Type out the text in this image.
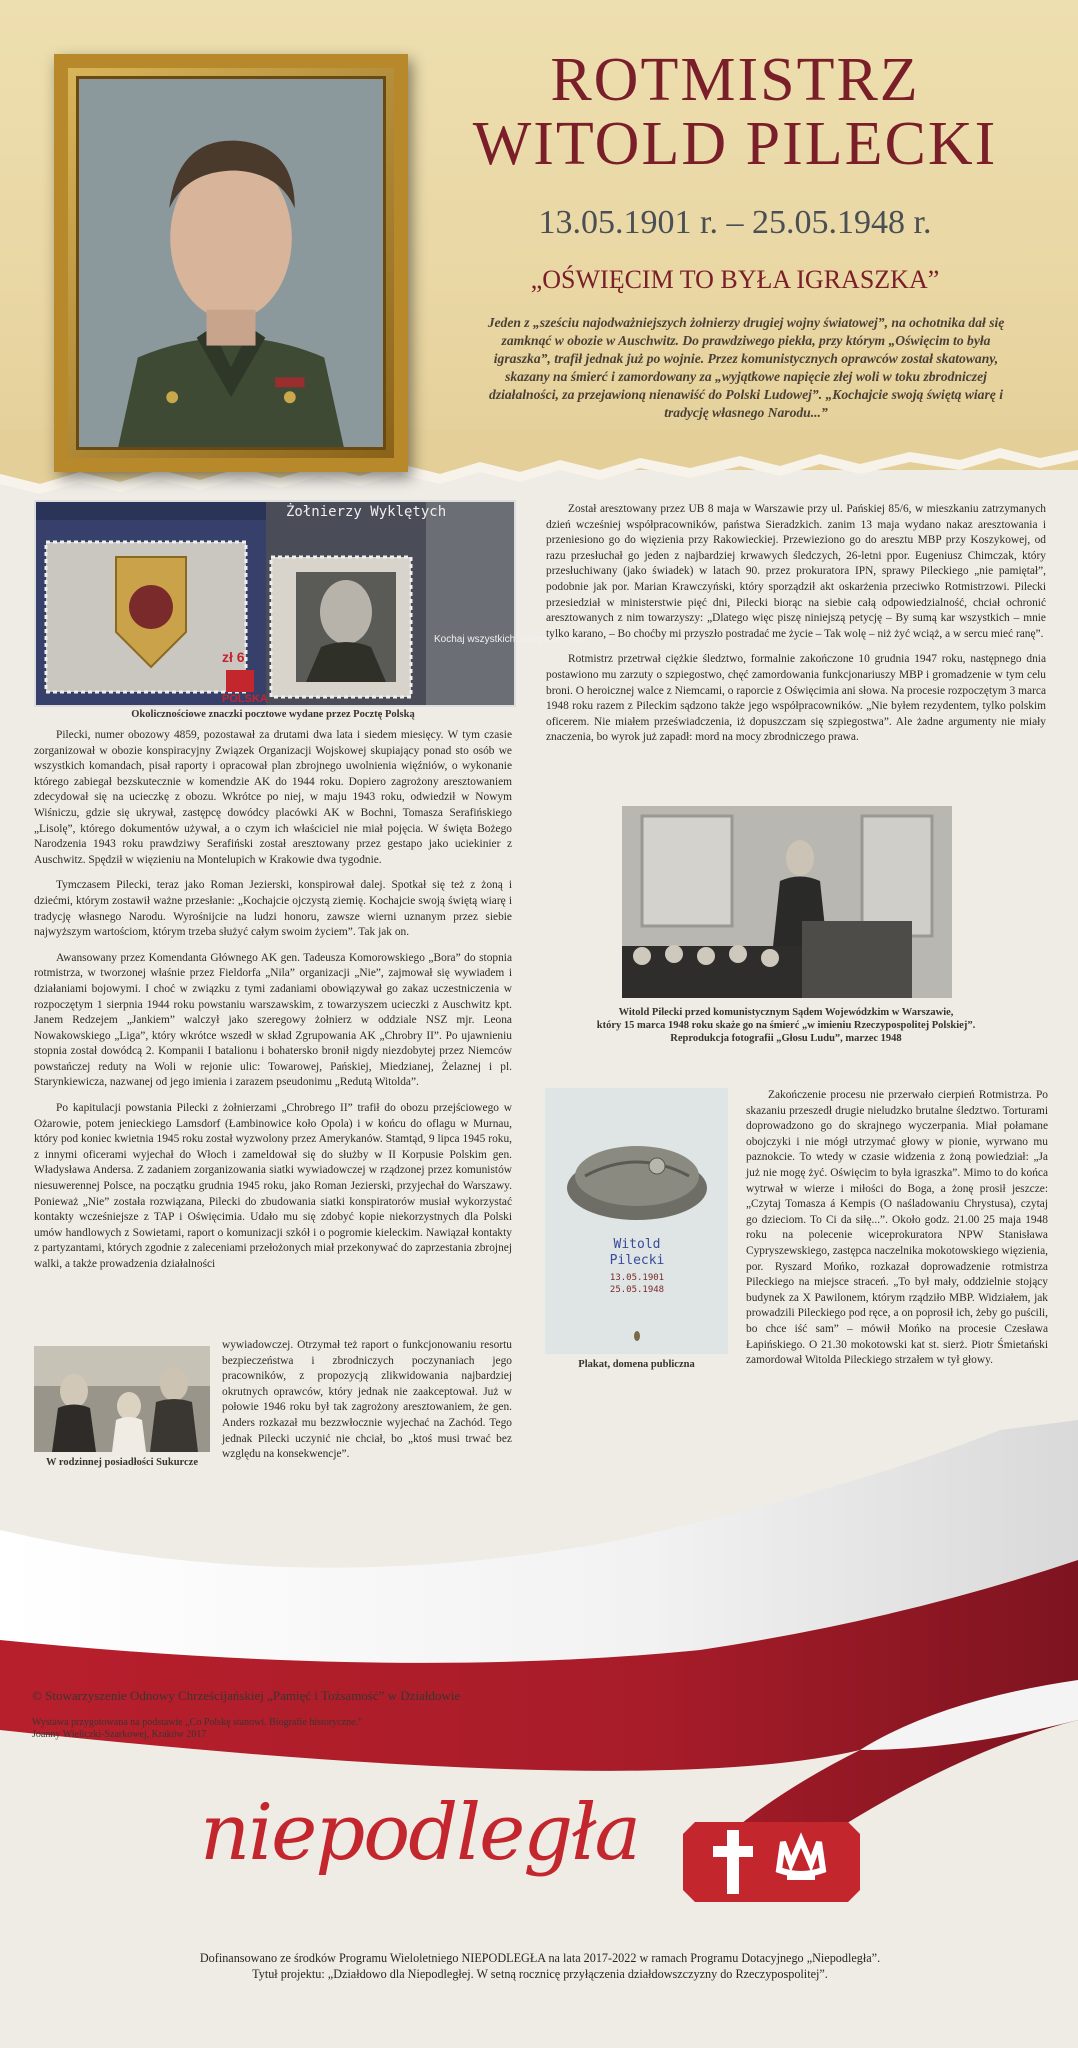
ROTMISTRZ
WITOLD PILECKI
13.05.1901 r. – 25.05.1948 r.
„OŚWIĘCIM TO BYŁA IGRASZKA”
Jeden z „sześciu najodważniejszych żołnierzy drugiej wojny światowej”, na ochotnika dał się zamknąć w obozie w Auschwitz. Do prawdziwego piekła, przy którym „Oświęcim to była igraszka”, trafił jednak już po wojnie. Przez komunistycznych oprawców został skatowany, skazany na śmierć i zamordowany za „wyjątkowe napięcie złej woli w toku zbrodniczej działalności, za przejawioną nienawiść do Polski Ludowej”. „Kochajcie swoją świętą wiarę i tradycję własnego Narodu...”
Żołnierzy Wyklętych
Kochaj wszystkich, wszystkim służ
zł 6
POLSKA
Okolicznościowe znaczki pocztowe wydane przez Pocztę Polską

Pilecki, numer obozowy 4859, pozostawał za drutami dwa lata i siedem miesięcy. W tym czasie zorganizował w obozie konspiracyjny Związek Organizacji Wojskowej skupiający ponad sto osób we wszystkich komandach, pisał raporty i opracował plan zbrojnego uwolnienia więźniów, o wykonanie którego zabiegał bezskutecznie w komendzie AK do 1944 roku. Dopiero zagrożony aresztowaniem zdecydował się na ucieczkę z obozu. Wkrótce po niej, w maju 1943 roku, odwiedził w Nowym Wiśniczu, gdzie się ukrywał, zastępcę dowódcy placówki AK w Bochni, Tomasza Serafińskiego „Lisolę”, którego dokumentów używał, a o czym ich właściciel nie miał pojęcia. W święta Bożego Narodzenia 1943 roku prawdziwy Serafiński został aresztowany przez gestapo jako uciekinier z Auschwitz. Spędził w więzieniu na Montelupich w Krakowie dwa tygodnie.

Tymczasem Pilecki, teraz jako Roman Jezierski, konspirował dalej. Spotkał się też z żoną i dziećmi, którym zostawił ważne przesłanie: „Kochajcie ojczystą ziemię. Kochajcie swoją świętą wiarę i tradycję własnego Narodu. Wyrośnijcie na ludzi honoru, zawsze wierni uznanym przez siebie najwyższym wartościom, którym trzeba służyć całym swoim życiem”. Tak jak on.

Awansowany przez Komendanta Głównego AK gen. Tadeusza Komorowskiego „Bora” do stopnia rotmistrza, w tworzonej właśnie przez Fieldorfa „Nila” organizacji „Nie”, zajmował się wywiadem i działaniami bojowymi. I choć w związku z tymi zadaniami obowiązywał go zakaz uczestniczenia w rozpoczętym 1 sierpnia 1944 roku powstaniu warszawskim, z towarzyszem ucieczki z Auschwitz kpt. Janem Redzejem „Jankiem” walczył jako szeregowy żołnierz w oddziale NSZ mjr. Leona Nowakowskiego „Liga”, który wkrótce wszedł w skład Zgrupowania AK „Chrobry II”. Po ujawnieniu stopnia został dowódcą 2. Kompanii I batalionu i bohatersko bronił nigdy niezdobytej przez Niemców powstańczej reduty na Woli w rejonie ulic: Towarowej, Pańskiej, Miedzianej, Żelaznej i pl. Starynkiewicza, nazwanej od jego imienia i zarazem pseudonimu „Redutą Witolda”.

Po kapitulacji powstania Pilecki z żołnierzami „Chrobrego II” trafił do obozu przejściowego w Ożarowie, potem jenieckiego Lamsdorf (Łambinowice koło Opola) i w końcu do oflagu w Murnau, który pod koniec kwietnia 1945 roku został wyzwolony przez Amerykanów. Stamtąd, 9 lipca 1945 roku, z innymi oficerami wyjechał do Włoch i zameldował się do służby w II Korpusie Polskim gen. Władysława Andersa. Z zadaniem zorganizowania siatki wywiadowczej w rządzonej przez komunistów niesuwerennej Polsce, na początku grudnia 1945 roku, jako Roman Jezierski, przyjechał do Warszawy. Ponieważ „Nie” została rozwiązana, Pilecki do zbudowania siatki konspiratorów musiał wykorzystać kontakty wcześniejsze z TAP i Oświęcimia. Udało mu się zdobyć kopie niekorzystnych dla Polski umów handlowych z Sowietami, raport o komunizacji szkół i o pogromie kieleckim. Nawiązał kontakty z partyzantami, których zgodnie z zaleceniami przełożonych miał przekonywać do zaprzestania zbrojnej walki, a także prowadzenia działalności

wywiadowczej. Otrzymał też raport o funkcjonowaniu resortu bezpieczeństwa i zbrodniczych poczynaniach jego pracowników, z propozycją zlikwidowania najbardziej okrutnych oprawców, który jednak nie zaakceptował. Już w połowie 1946 roku był tak zagrożony aresztowaniem, że gen. Anders rozkazał mu bezzwłocznie wyjechać na Zachód. Tego jednak Pilecki uczynić nie chciał, bo „ktoś musi trwać bez względu na konsekwencje”.
W rodzinnej posiadłości Sukurcze

Został aresztowany przez UB 8 maja w Warszawie przy ul. Pańskiej 85/6, w mieszkaniu zatrzymanych dzień wcześniej współpracowników, państwa Sieradzkich. zanim 13 maja wydano nakaz aresztowania i przeniesiono go do więzienia przy Rakowieckiej. Przewieziono go do aresztu MBP przy Koszykowej, od razu przesłuchał go jeden z najbardziej krwawych śledczych, 26-letni ppor. Eugeniusz Chimczak, który przesłuchiwany (jako świadek) w latach 90. przez prokuratora IPN, sprawy Pileckiego „nie pamiętał”, podobnie jak por. Marian Krawczyński, który sporządził akt oskarżenia przeciwko Rotmistrzowi. Pilecki przesiedział w ministerstwie pięć dni, Pilecki biorąc na siebie całą odpowiedzialność, chciał ochronić aresztowanych z nim towarzyszy: „Dlatego więc piszę niniejszą petycję – By sumą kar wszystkich – mnie tylko karano, – Bo choćby mi przyszło postradać me życie – Tak wolę – niż żyć wciąż, a w sercu mieć ranę”.

Rotmistrz przetrwał ciężkie śledztwo, formalnie zakończone 10 grudnia 1947 roku, następnego dnia postawiono mu zarzuty o szpiegostwo, chęć zamordowania funkcjonariuszy MBP i gromadzenie w tym celu broni. O heroicznej walce z Niemcami, o raporcie z Oświęcimia ani słowa. Na procesie rozpoczętym 3 marca 1948 roku razem z Pileckim sądzono także jego współpracowników. „Nie byłem rezydentem, tylko polskim oficerem. Nie miałem przeświadczenia, iż dopuszczam się szpiegostwa”. Ale żadne argumenty nie miały znaczenia, bo wyrok już zapadł: mord na mocy zbrodniczego prawa.

Witold Pilecki przed komunistycznym Sądem Wojewódzkim w Warszawie,
który 15 marca 1948 roku skaże go na śmierć „w imieniu Rzeczypospolitej Polskiej”.
Reprodukcja fotografii „Głosu Ludu”, marzec 1948
Witold
Pilecki
13.05.1901
25.05.1948
Plakat, domena publiczna

Zakończenie procesu nie przerwało cierpień Rotmistrza. Po skazaniu przeszedł drugie nieludzko brutalne śledztwo. Torturami doprowadzono go do skrajnego wyczerpania. Miał połamane obojczyki i nie mógł utrzymać głowy w pionie, wyrwano mu paznokcie. To wtedy w czasie widzenia z żoną powiedział: „Ja już nie mogę żyć. Oświęcim to była igraszka”. Mimo to do końca wytrwał w wierze i miłości do Boga, a żonę prosił jeszcze: „Czytaj Tomasza á Kempis (O naśladowaniu Chrystusa), czytaj go dzieciom. To Ci da siłę...”. Około godz. 21.00 25 maja 1948 roku na polecenie wiceprokuratora NPW Stanisława Cypryszewskiego, zastępca naczelnika mokotowskiego więzienia, por. Ryszard Mońko, rozkazał doprowadzenie rotmistrza Pileckiego na miejsce straceń. „To był mały, oddzielnie stojący budynek za X Pawilonem, którym rządziło MBP. Widziałem, jak prowadzili Pileckiego pod ręce, a on poprosił ich, żeby go puścili, bo chce iść sam” – mówił Mońko na procesie Czesława Łapińskiego. O 21.30 mokotowski kat st. sierż. Piotr Śmietański zamordował Witolda Pileckiego strzałem w tył głowy.

© Stowarzyszenie Odnowy Chrześcijańskiej „Pamięć i Tożsamość” w Działdowie
Wystawa przygotowana na podstawie „Co Polskę stanowi. Biografie historyczne.”
Joanny Wieliczki-Szarkowej, Kraków 2017
niepodległa
Dofinansowano ze środków Programu Wieloletniego NIEPODLEGŁA na lata 2017-2022 w ramach Programu Dotacyjnego „Niepodległa”.
Tytuł projektu: „Działdowo dla Niepodległej. W setną rocznicę przyłączenia działdowszczyzny do Rzeczypospolitej”.
